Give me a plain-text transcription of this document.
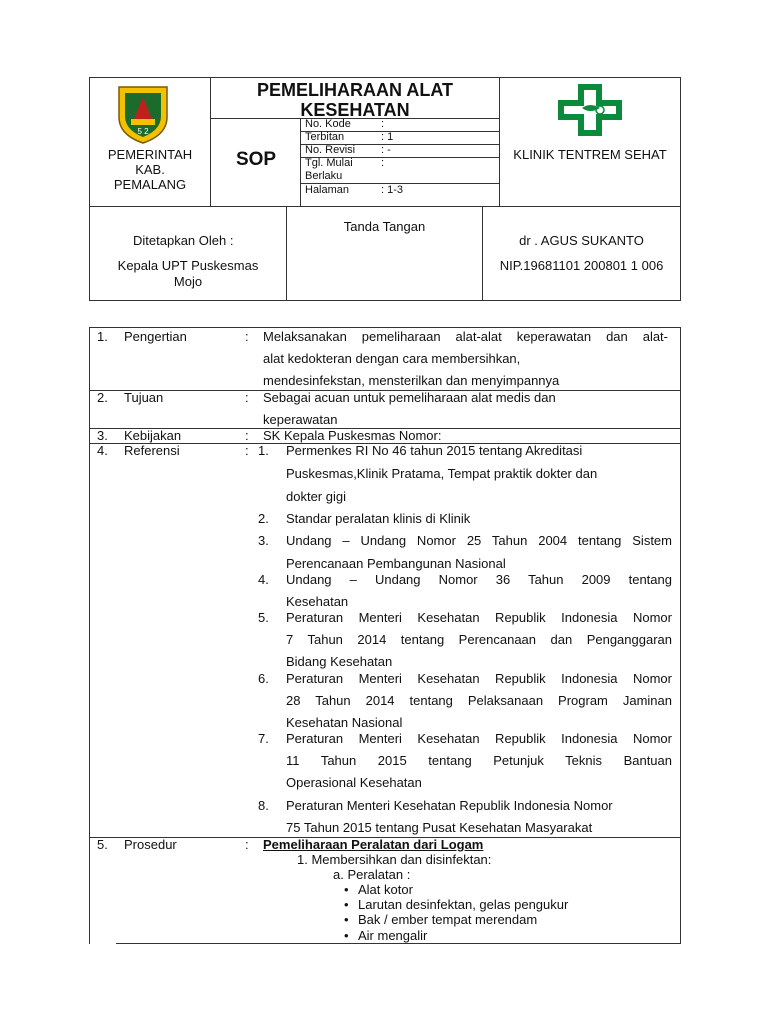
5 2
PEMERINTAH
KAB.
PEMALANG
PEMELIHARAAN ALAT
KESEHATAN
SOP
No. Kode	:
Terbitan	: 1
No. Revisi : -
Tgl. Mulai	:
Berlaku
Halaman	: 1-3
KLINIK TENTREM SEHAT
Tanda Tangan
Ditetapkan Oleh :
Kepala UPT Puskesmas
Mojo
dr . AGUS SUKANTO
NIP.19681101 200801 1 006
1. Pengertian	: Melaksanakan pemeliharaan alat-alat keperawatan dan alat-
alat kedokteran dengan cara membersihkan,
mendesinfekstan, mensterilkan dan menyimpannya
2. Tujuan	: Sebagai acuan untuk pemeliharaan alat medis dan
keperawatan
3. Kebijakan	: SK Kepala Puskesmas Nomor:
4. Referensi	: 1. Permenkes RI No 46 tahun 2015 tentang Akreditasi
Puskesmas,Klinik Pratama, Tempat praktik dokter dan
dokter gigi
2. Standar peralatan klinis di Klinik
3. Undang – Undang Nomor 25 Tahun 2004 tentang Sistem
Perencanaan Pembangunan Nasional
4. Undang – Undang Nomor 36 Tahun 2009 tentang
Kesehatan
5. Peraturan Menteri Kesehatan Republik Indonesia Nomor
7 Tahun 2014 tentang Perencanaan dan Penganggaran
Bidang Kesehatan
6. Peraturan Menteri Kesehatan Republik Indonesia Nomor
28 Tahun 2014 tentang Pelaksanaan Program Jaminan
Kesehatan Nasional
7. Peraturan Menteri Kesehatan Republik Indonesia Nomor
11 Tahun 2015 tentang Petunjuk Teknis Bantuan
Operasional Kesehatan
8. Peraturan Menteri Kesehatan Republik Indonesia Nomor
75 Tahun 2015 tentang Pusat Kesehatan Masyarakat
5. Prosedur	: Pemeliharaan Peralatan dari Logam
1. Membersihkan dan disinfektan:
a. Peralatan :
• Alat kotor
• Larutan desinfektan, gelas pengukur
• Bak / ember tempat merendam
• Air mengalir
